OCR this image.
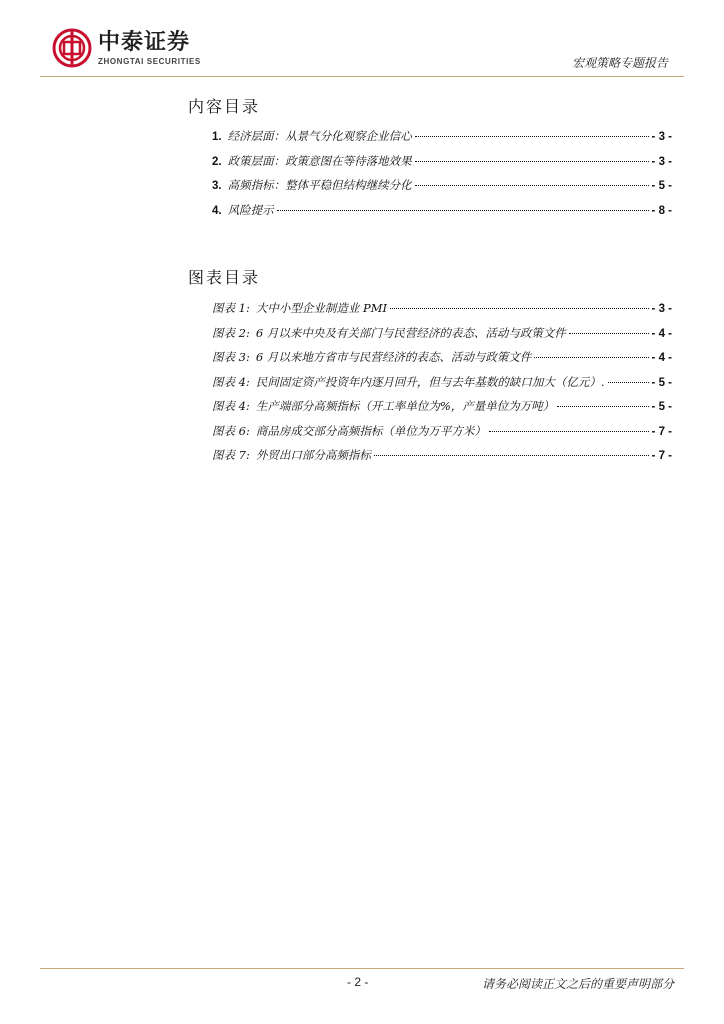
中泰证券
ZHONGTAI SECURITIES	宏观策略专题报告
内容目录
1. 经济层面：从景气分化观察企业信心	- 3 -
2. 政策层面：政策意图在等待落地效果	- 3 -
3. 高频指标：整体平稳但结构继续分化	- 5 -
4. 风险提示	- 8 -
图表目录
图表 1: 大中小型企业制造业 PMI	- 3 -
图表 2: 6 月以来中央及有关部门与民营经济的表态、活动与政策文件	- 4 -
图表 3: 6 月以来地方省市与民营经济的表态、活动与政策文件	- 4 -
图表 4: 民间固定资产投资年内逐月回升，但与去年基数的缺口加大（亿元）.	- 5 -
图表 4: 生产端部分高频指标（开工率单位为%，产量单位为万吨）	- 5 -
图表 6: 商品房成交部分高频指标（单位为万平方米）	- 7 -
图表 7: 外贸出口部分高频指标	- 7 -
- 2 -	请务必阅读正文之后的重要声明部分
